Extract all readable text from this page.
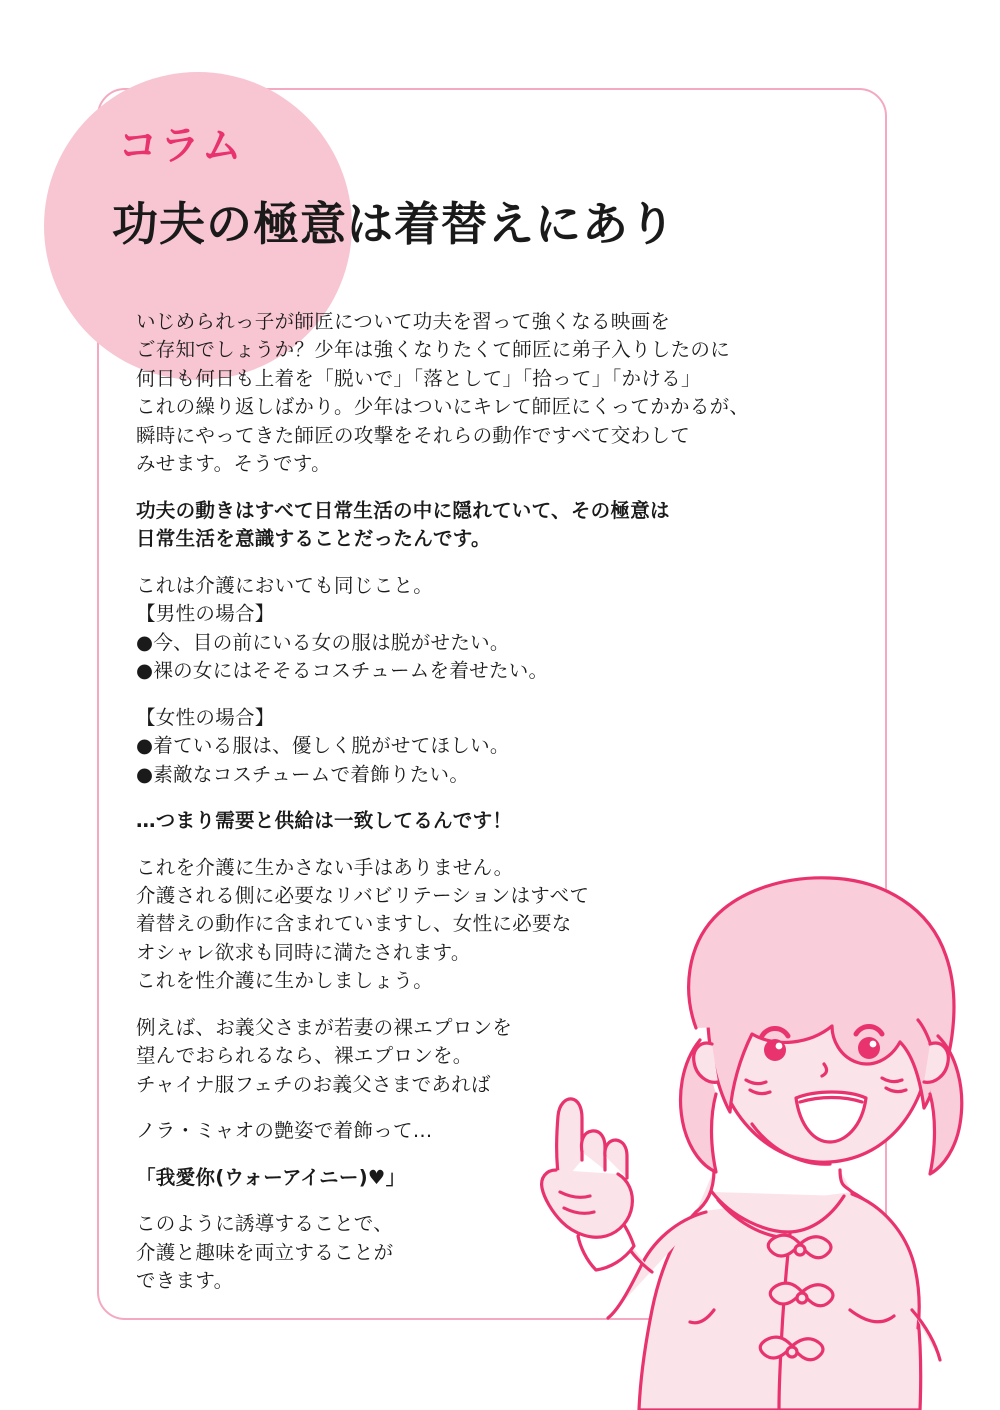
コラム
功夫の極意は着替えにあり
いじめられっ子が師匠について功夫を習って強くなる映画を
ご存知でしょうか？少年は強くなりたくて師匠に弟子入りしたのに
何日も何日も上着を「脱いで」「落として」「拾って」「かける」
これの繰り返しばかり。少年はついにキレて師匠にくってかかるが、
瞬時にやってきた師匠の攻撃をそれらの動作ですべて交わして
みせます。そうです。
功夫の動きはすべて日常生活の中に隠れていて、その極意は
日常生活を意識することだったんです。
これは介護においても同じこと。
【男性の場合】
●今、目の前にいる女の服は脱がせたい。
●裸の女にはそそるコスチュームを着せたい。
【女性の場合】
●着ている服は、優しく脱がせてほしい。
●素敵なコスチュームで着飾りたい。
…つまり需要と供給は一致してるんです！
これを介護に生かさない手はありません。
介護される側に必要なリバビリテーションはすべて
着替えの動作に含まれていますし、女性に必要な
オシャレ欲求も同時に満たされます。
これを性介護に生かしましょう。
例えば、お義父さまが若妻の裸エプロンを
望んでおられるなら、裸エプロンを。
チャイナ服フェチのお義父さまであれば
ノラ・ミャオの艶姿で着飾って…
「我愛你(ウォーアイニー)♥」
このように誘導することで、
介護と趣味を両立することが
できます。
